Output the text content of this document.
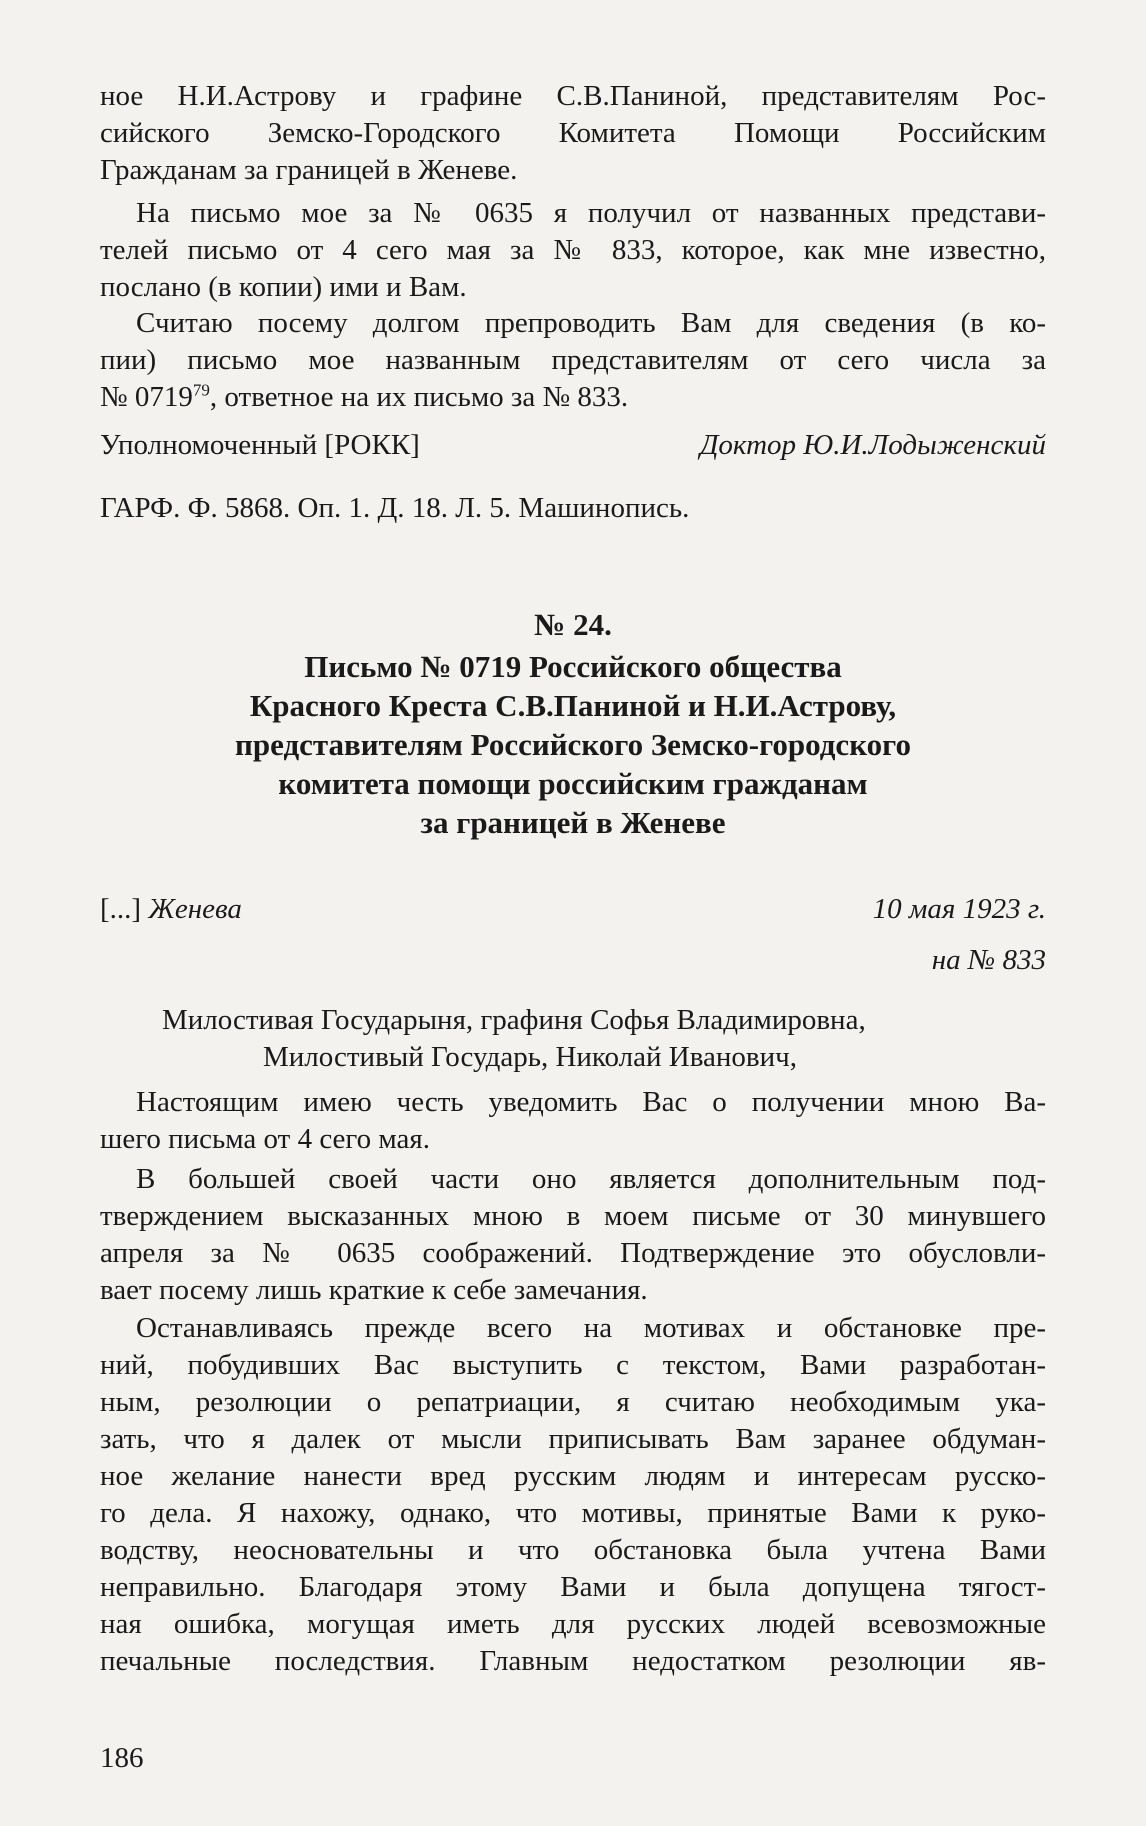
ное Н.И.Астрову и графине С.В.Паниной, представителям Рос-
сийского Земско-Городского Комитета Помощи Российским
Гражданам за границей в Женеве.
На письмо мое за № 0635 я получил от названных представи-
телей письмо от 4 сего мая за № 833, которое, как мне известно,
послано (в копии) ими и Вам.
Считаю посему долгом препроводить Вам для сведения (в ко-
пии) письмо мое названным представителям от сего числа за
№ 0719$^{79}$, ответное на их письмо за № 833.
Уполномоченный [РОКК]	Доктор Ю.И.Лодыженский
ГАРФ. Ф. 5868. Оп. 1. Д. 18. Л. 5. Машинопись.
№ 24.
Письмо № 0719 Российского общества
Красного Креста С.В.Паниной и Н.И.Астрову,
представителям Российского Земско-городского
комитета помощи российским гражданам
за границей в Женеве
[...] Женева	10 мая 1923 г.
на № 833
Милостивая Государыня, графиня Софья Владимировна,
Милостивый Государь, Николай Иванович,
Настоящим имею честь уведомить Вас о получении мною Ва-
шего письма от 4 сего мая.
В большей своей части оно является дополнительным под-
тверждением высказанных мною в моем письме от 30 минувшего
апреля за № 0635 соображений. Подтверждение это обусловли-
вает посему лишь краткие к себе замечания.
Останавливаясь прежде всего на мотивах и обстановке пре-
ний, побудивших Вас выступить с текстом, Вами разработан-
ным, резолюции о репатриации, я считаю необходимым ука-
зать, что я далек от мысли приписывать Вам заранее обдуман-
ное желание нанести вред русским людям и интересам русско-
го дела. Я нахожу, однако, что мотивы, принятые Вами к руко-
водству, неосновательны и что обстановка была учтена Вами
неправильно. Благодаря этому Вами и была допущена тягост-
ная ошибка, могущая иметь для русских людей всевозможные
печальные последствия. Главным недостатком резолюции яв-
186
